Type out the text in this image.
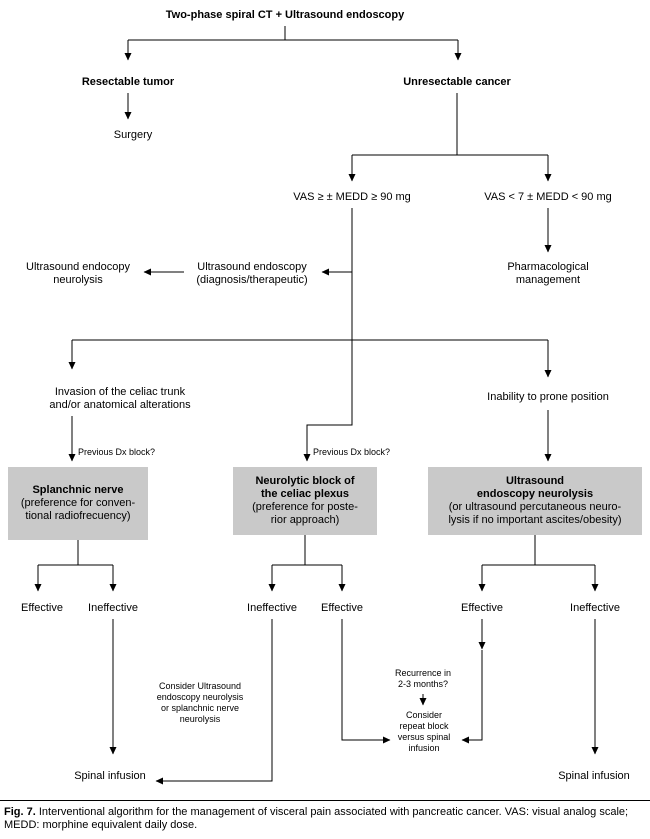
Two-phase spiral CT + Ultrasound endoscopy
Resectable tumor
Surgery
Unresectable cancer
VAS ≥ ± MEDD ≥ 90 mg	VAS < 7 ± MEDD < 90 mg
Pharmacological
management
Ultrasound endoscopy
(diagnosis/therapeutic)
Ultrasound endocopy
neurolysis
Invasion of the celiac trunk
and/or anatomical alterations
Inability to prone position
Previous Dx block?	Previous Dx block?
Splanchnic nerve
(preference for conven-
tional radiofrecuency)
Neurolytic block of
the celiac plexus
(preference for poste-
rior approach)
Ultrasound
endoscopy neurolysis
(or ultrasound percutaneous neuro-
lysis if no important ascites/obesity)
Effective Ineffective	Ineffective Effective	Effective	Ineffective
Consider Ultrasound
endoscopy neurolysis
or splanchnic nerve
neurolysis
Recurrence in
2-3 months?
Consider
repeat block
versus spinal
infusion
Spinal infusion	Spinal infusion
Fig. 7. Interventional algorithm for the management of visceral pain associated with pancreatic cancer. VAS: visual analog scale; MEDD: morphine equivalent daily dose.
